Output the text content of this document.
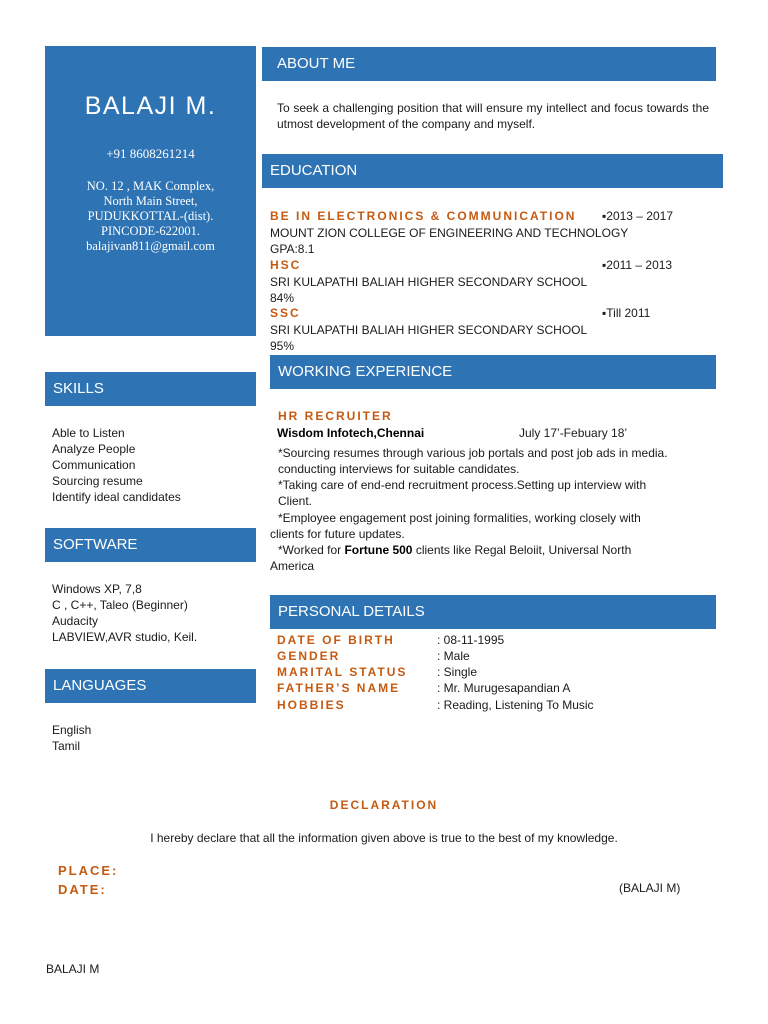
BALAJI M.
+91 8608261214
NO. 12 , MAK Complex,
North Main Street,
PUDUKKOTTAL-(dist).
PINCODE-622001.
balajivan811@gmail.com
SKILLS
Able to Listen
Analyze People
Communication
Sourcing resume
Identify ideal candidates
SOFTWARE
Windows XP, 7,8
C , C++, Taleo (Beginner)
Audacity
LABVIEW,AVR studio, Keil.
LANGUAGES
English
Tamil
ABOUT ME
To seek a challenging position that will ensure my intellect and focus towards the utmost development of the company and myself.
EDUCATION
BE IN ELECTRONICS & COMMUNICATION ▪2013 – 2017
MOUNT ZION COLLEGE OF ENGINEERING AND TECHNOLOGY
GPA:8.1
HSC	▪2011 – 2013
SRI KULAPATHI BALIAH HIGHER SECONDARY SCHOOL
84%
SSC	▪Till 2011
SRI KULAPATHI BALIAH HIGHER SECONDARY SCHOOL
95%
WORKING EXPERIENCE
HR RECRUITER
Wisdom Infotech,Chennai	July 17’-Febuary 18’
*Sourcing resumes through various job portals and post job ads in media.
conducting interviews for suitable candidates.
*Taking care of end-end recruitment process.Setting up interview with
Client.
*Employee engagement post joining formalities, working closely with
clients for future updates.
*Worked for Fortune 500 clients like Regal Beloiit, Universal North
America
PERSONAL DETAILS
DATE OF BIRTH	: 08-11-1995
GENDER	: Male
MARITAL STATUS : Single
FATHER’S NAME	: Mr. Murugesapandian A
HOBBIES	: Reading, Listening To Music
DECLARATION
I hereby declare that all the information given above is true to the best of my knowledge.
PLACE:
DATE:	(BALAJI M)
BALAJI M
